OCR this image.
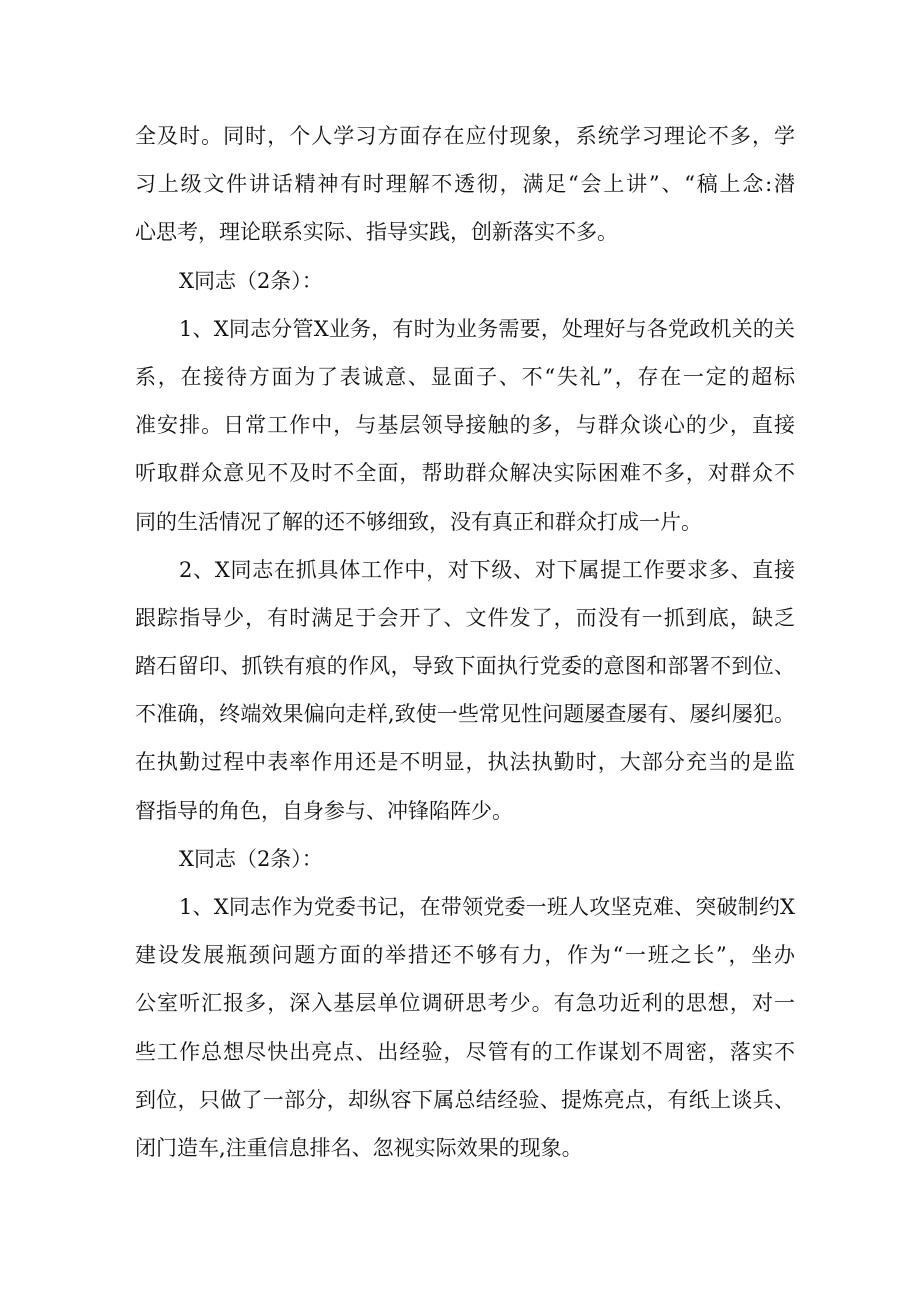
全及时。同时，个人学习方面存在应付现象，系统学习理论不多，学
习上级文件讲话精神有时理解不透彻，满足“会上讲”、“稿上念:潜
心思考，理论联系实际、指导实践，创新落实不多。
X同志（2条）：
1、X同志分管X业务，有时为业务需要，处理好与各党政机关的关
系，在接待方面为了表诚意、显面子、不“失礼”，存在一定的超标
准安排。日常工作中，与基层领导接触的多，与群众谈心的少，直接
听取群众意见不及时不全面，帮助群众解决实际困难不多，对群众不
同的生活情况了解的还不够细致，没有真正和群众打成一片。
2、X同志在抓具体工作中，对下级、对下属提工作要求多、直接
跟踪指导少，有时满足于会开了、文件发了，而没有一抓到底，缺乏
踏石留印、抓铁有痕的作风，导致下面执行党委的意图和部署不到位、
不准确，终端效果偏向走样,致使一些常见性问题屡查屡有、屡纠屡犯。
在执勤过程中表率作用还是不明显，执法执勤时，大部分充当的是监
督指导的角色，自身参与、冲锋陷阵少。
X同志（2条）：
1、X同志作为党委书记，在带领党委一班人攻坚克难、突破制约X
建设发展瓶颈问题方面的举措还不够有力，作为“一班之长”，坐办
公室听汇报多，深入基层单位调研思考少。有急功近利的思想，对一
些工作总想尽快出亮点、出经验，尽管有的工作谋划不周密，落实不
到位，只做了一部分，却纵容下属总结经验、提炼亮点，有纸上谈兵、
闭门造车,注重信息排名、忽视实际效果的现象。
